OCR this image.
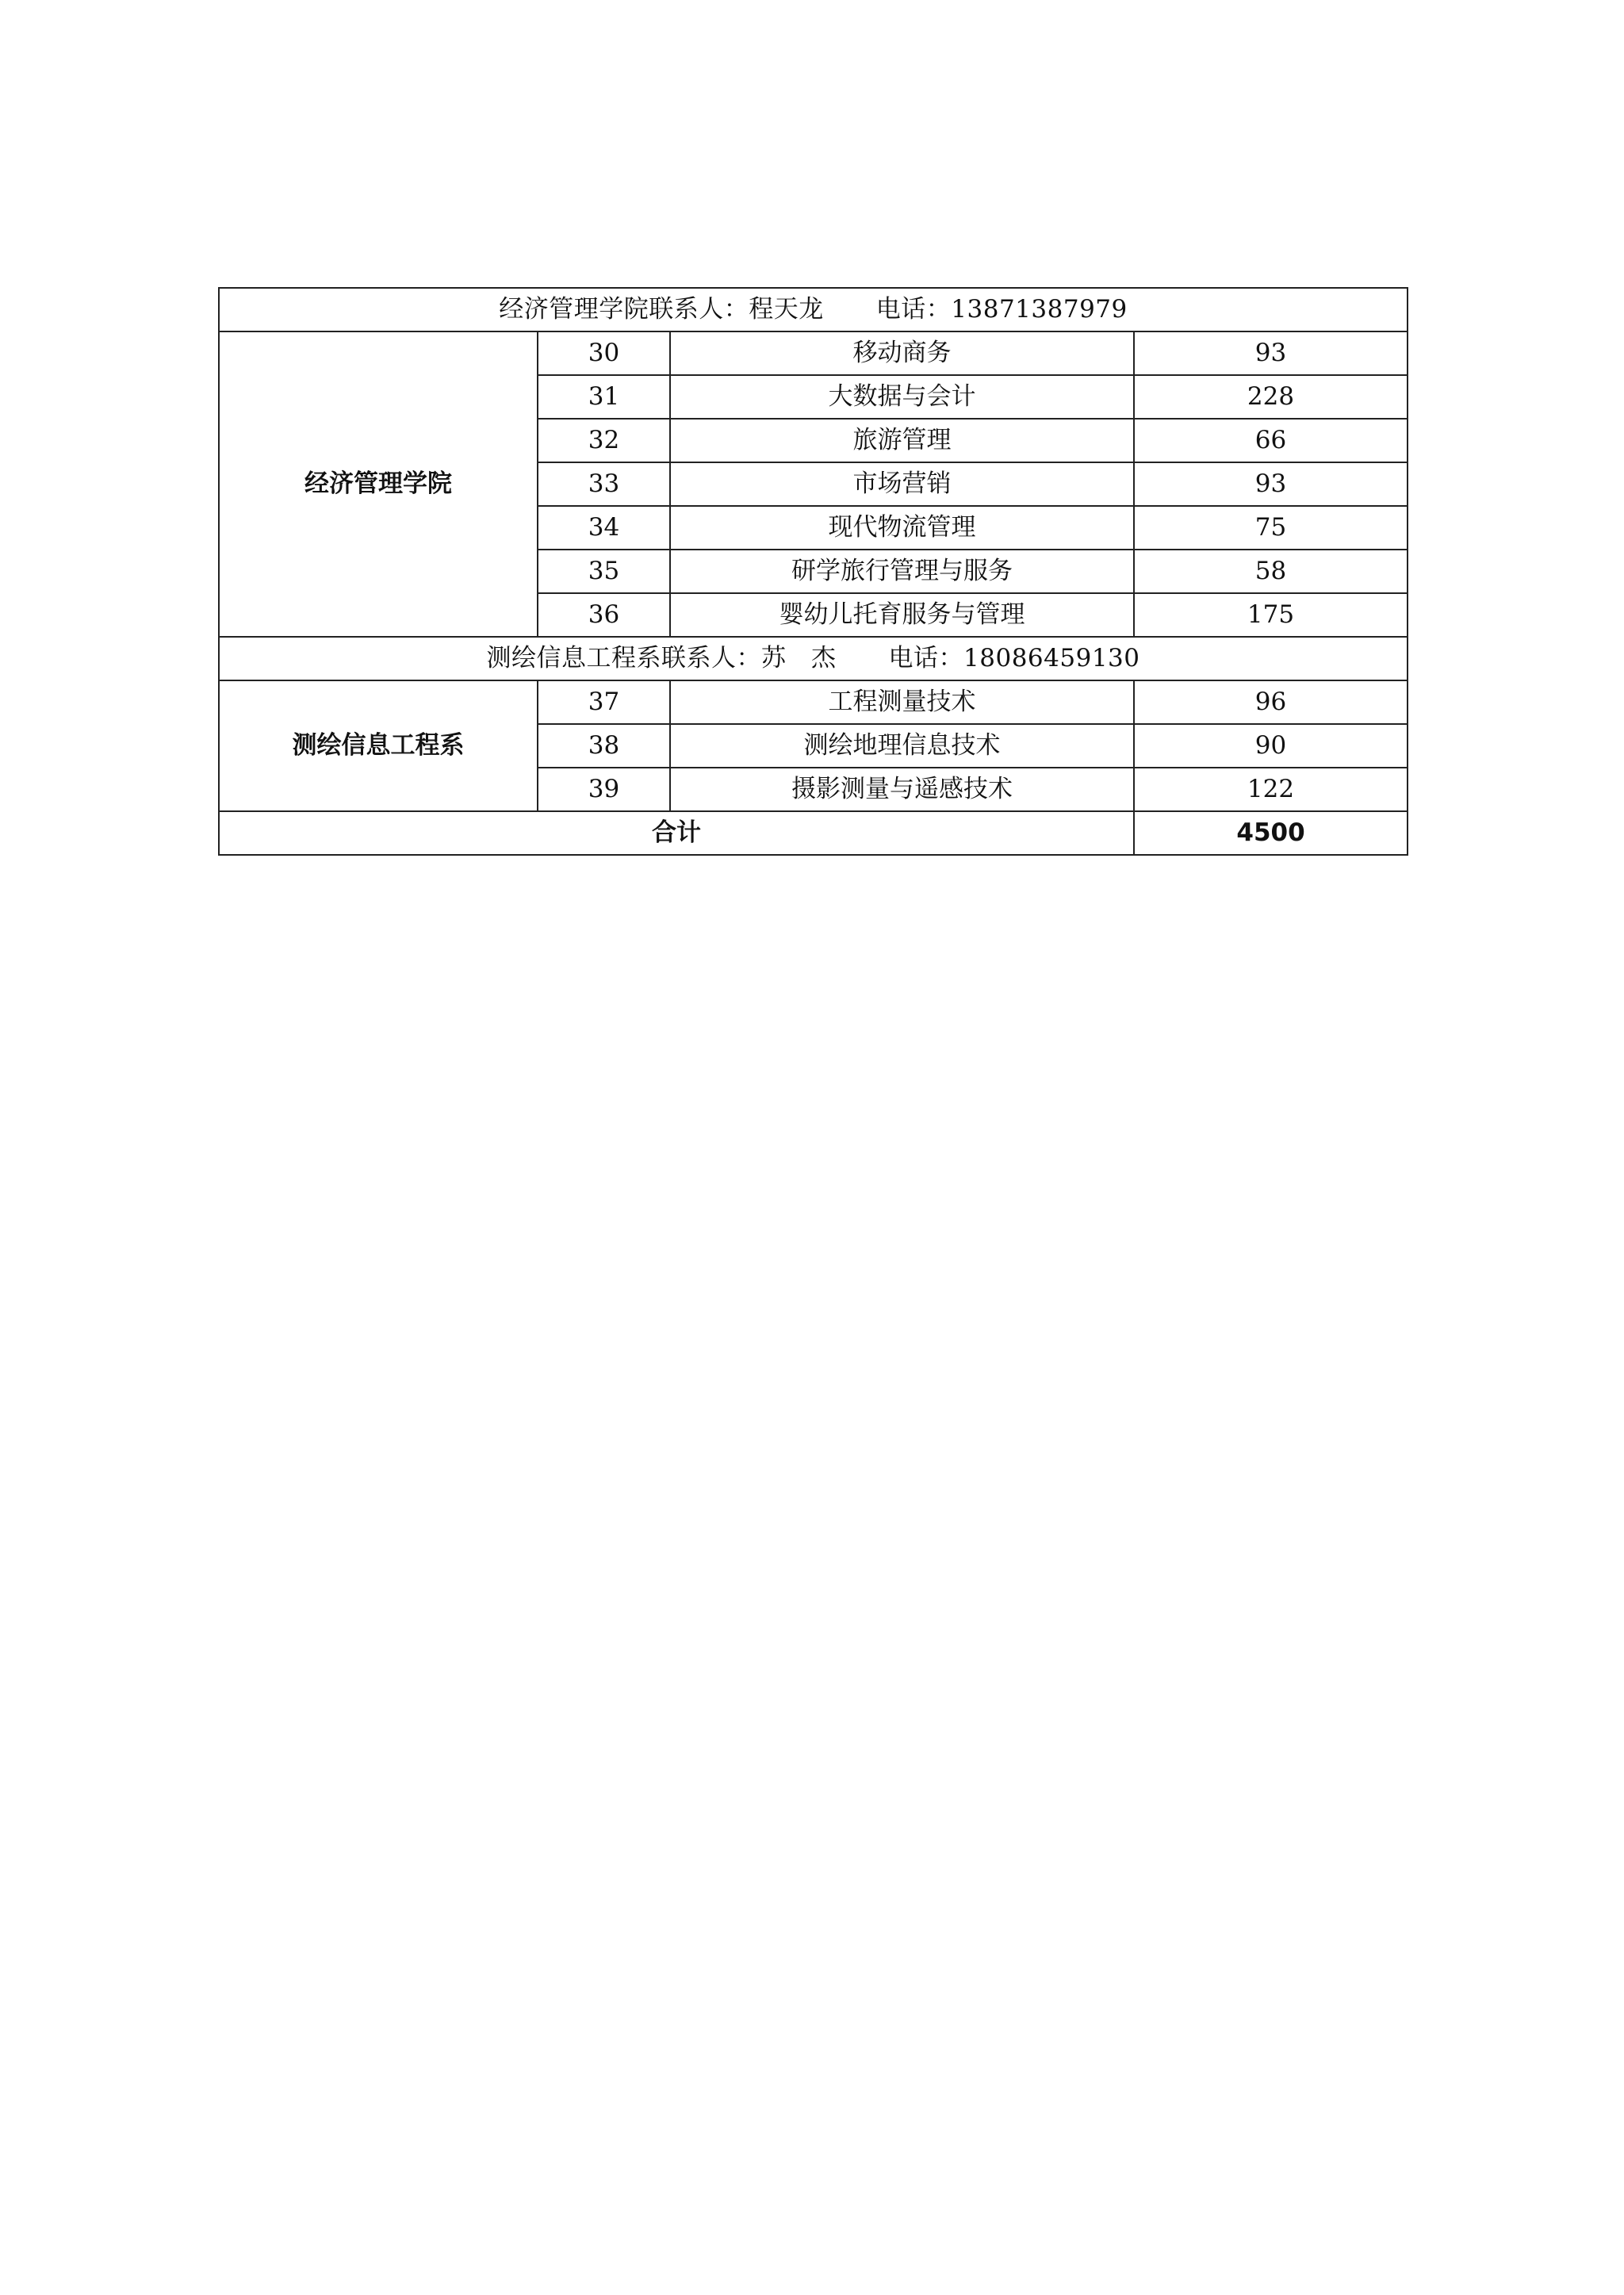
经济管理学院联系人：程天龙 电话：13871387979			
经济管理学院	30	移动商务	93
	31	大数据与会计	228
	32	旅游管理	66
	33	市场营销	93
	34	现代物流管理	75
	35	研学旅行管理与服务	58
	36	婴幼儿托育服务与管理	175
测绘信息工程系联系人：苏　杰 电话：18086459130			
测绘信息工程系	37	工程测量技术	96
	38	测绘地理信息技术	90
	39	摄影测量与遥感技术	122
合计			4500
